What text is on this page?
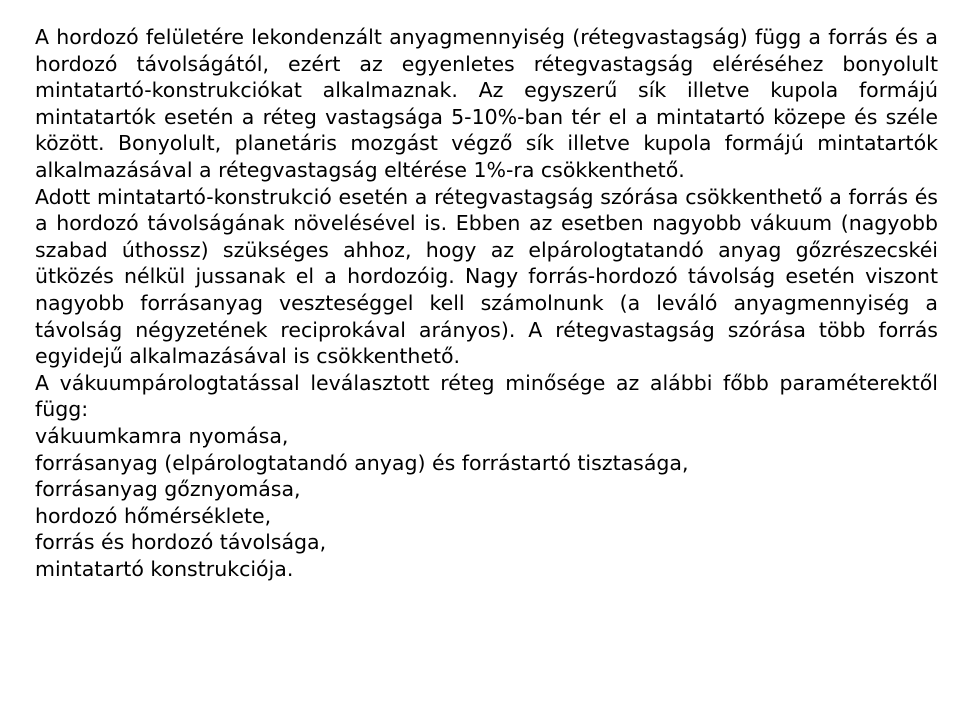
A hordozó felületére lekondenzált anyagmennyiség (rétegvastagság) függ a forrás és a hordozó távolságától, ezért az egyenletes rétegvastagság eléréséhez bonyolult mintatartó-konstrukciókat alkalmaznak. Az egyszerű sík illetve kupola formájú mintatartók esetén a réteg vastagsága 5-10%-ban tér el a mintatartó közepe és széle között. Bonyolult, planetáris mozgást végző sík illetve kupola formájú mintatartók alkalmazásával a rétegvastagság eltérése 1%-ra csökkenthető.

Adott mintatartó-konstrukció esetén a rétegvastagság szórása csökkenthető a forrás és a hordozó távolságának növelésével is. Ebben az esetben nagyobb vákuum (nagyobb szabad úthossz) szükséges ahhoz, hogy az elpárologtatandó anyag gőzrészecskéi ütközés nélkül jussanak el a hordozóig. Nagy forrás-hordozó távolság esetén viszont nagyobb forrásanyag veszteséggel kell számolnunk (a leváló anyagmennyiség a távolság négyzetének reciprokával arányos). A rétegvastagság szórása több forrás egyidejű alkalmazásával is csökkenthető.

A vákuumpárologtatással leválasztott réteg minősége az alábbi főbb paraméterektől függ:

vákuumkamra nyomása,
forrásanyag (elpárologtatandó anyag) és forrástartó tisztasága,
forrásanyag gőznyomása,
hordozó hőmérséklete,
forrás és hordozó távolsága,
mintatartó konstrukciója.
